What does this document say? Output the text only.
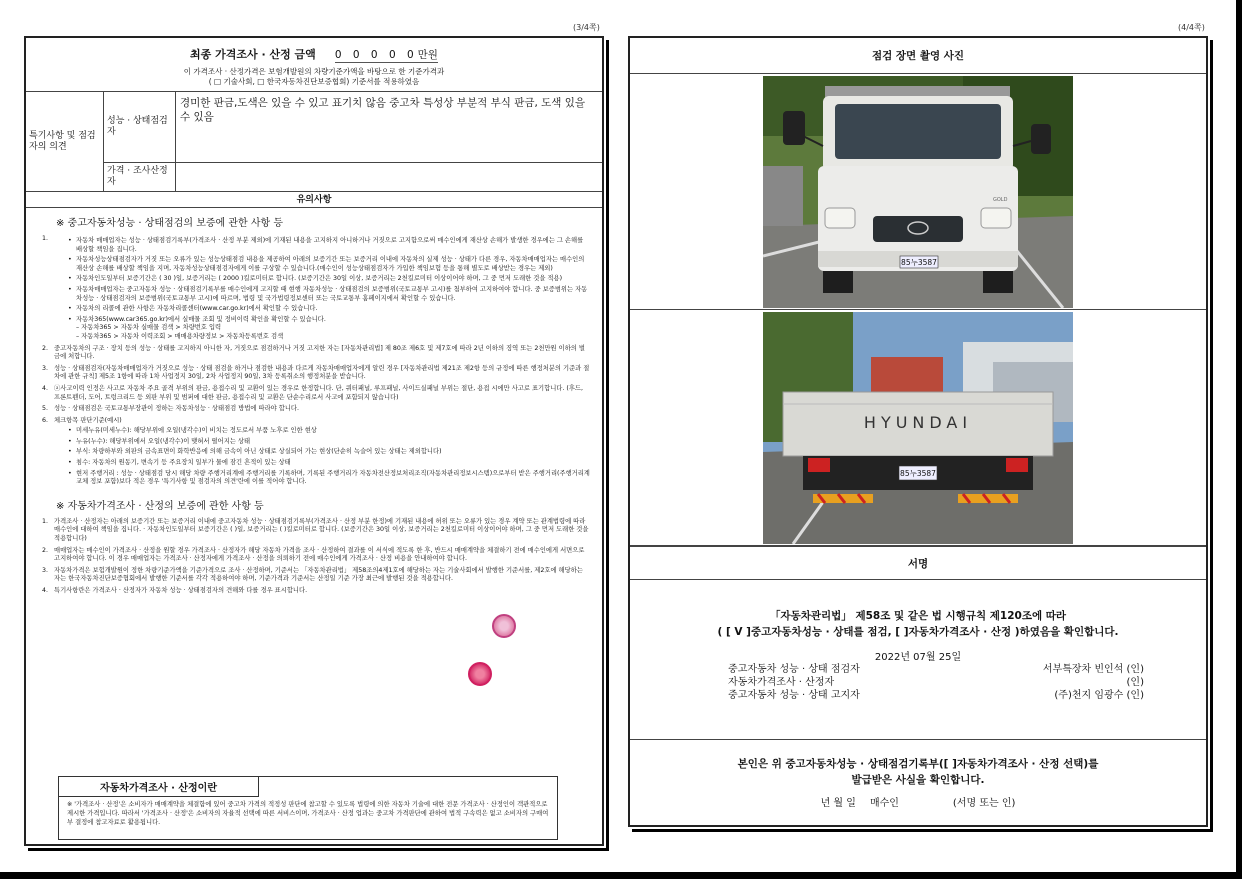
(3/4쪽)
최종 가격조사 · 산정 금액 0 0 0 0 0만원
이 가격조사 · 산정가격은 보험개발원의 차량기준가액을 바탕으로 한 기준가격과
( □ 기술사회, □ 한국자동차진단보증협회) 기준서를 적용하였음
특기사항 및 점검자의 의견
성능 · 상태점검자
경미한 판금,도색은 있을 수 있고 표기치 않음 중고차 특성상 부분적 부식 판금, 도색 있을 수 있음
가격 · 조사산정자
유의사항
※ 중고자동차성능 · 상태점검의 보증에 관한 사항 등
1.
•	자동차 매매업자는 성능 · 상태점검기록부(가격조사 · 산정 부분 제외)에 기재된 내용을 고지하지 아니하거나 거짓으로 고지함으로써 매수인에게 재산상 손해가 발생한 경우에는 그 손해를 배상할 책임을 집니다.
• 자동차성능상태점검자가 거짓 또는 오류가 있는 성능상태점검 내용을 제공하여 아래의 보증기간 또는 보증거리 이내에 자동차의 실제 성능 · 상태가 다른 경우, 자동차매매업자는 매수인의 재산상 손해를 배상할 책임을 지며, 자동차성능상태점검자에게 이를 구상할 수 있습니다.(매수인이 성능상태점검자가 가입한 책임보험 등을 통해 별도로 배상받는 경우는 제외)
• 자동차인도일부터 보증기간은 ( 30 )일, 보증거리는 ( 2000 )킬로미터로 합니다. (보증기간은 30일 이상, 보증거리는 2천킬로미터 이상이어야 하며, 그 중 먼저 도래한 것을 적용)
• 자동차매매업자는 중고자동차 성능 · 상태점검기록부를 매수인에게 고지할 때 현행 자동차성능 · 상태점검의 보증범위(국토교통부 고시)를 첨부하여 고지하여야 합니다. 중 보증범위는 자동차성능 · 상태점검자의 보증범위(국토교통부 고시)에 따르며, 법령 및 국가법령정보센터 또는 국토교통부 홈페이지에서 확인할 수 있습니다.
• 자동차의 리콜에 관한 사항은 자동차리콜센터(www.car.go.kr)에서 확인할 수 있습니다.
• 자동차365(www.car365.go.kr)에서 실매물 조회 및 정비이력 확인을 확인할 수 있습니다.
– 자동차365 > 자동차 실매물 검색 > 차량번호 입력
– 자동차365 > 자동차 이력조회 > 매매용차량정보 > 자동차등록번호 검색
2. 중고자동차의 구조 · 장치 등의 성능 · 상태를 고지하지 아니한 자, 거짓으로 점검하거나 거짓 고지한 자는 [자동차관리법] 제 80조 제6호 및 제7호에 따라 2년 이하의 징역 또는 2천만원 이하의 벌금에 처합니다.
3. 성능 · 상태점검자(자동차매매업자가 거짓으로 성능 · 상태 점검을 하거나 점검한 내용과 다르게 자동차매매업자에게 알린 경우 [자동차관리법 제21조 제2항 등의 규정에 따른 행정처분의 기준과 절차에 관한 규칙] 제5조 1항에 따라 1차 사업정지 30일, 2차 사업정지 90일, 3차 등록취소의 행정처분을 받습니다.
4. ⓐ사고이력 인정은 사고로 자동차 주요 골격 부위의 판금, 용접수리 및 교환이 있는 경우로 한정합니다. 단, 쿼터패널, 루프패널, 사이드실패널 부위는 절단, 용접 시에만 사고로 표기합니다. (후드, 프론트펜더, 도어, 트렁크리드 등 외판 부위 및 범퍼에 대한 판금, 용접수리 및 교환은 단순수리로서 사고에 포함되지 않습니다)
5. 성능 · 상태점검은 국토교통부장관이 정하는 자동차성능 · 상태점검 방법에 따라야 합니다.
6. 체크항목 판단기준(예시)
• 미세누유(미세누수): 해당부위에 오일(냉각수)이 비치는 정도로서 부품 노후로 인한 현상
• 누유(누수): 해당부위에서 오일(냉각수)이 맺혀서 떨어지는 상태
• 부식: 차량하부와 외판의 금속표면이 화학반응에 의해 금속이 아닌 상태로 상실되어 가는 현상(단순히 녹슬어 있는 상태는 제외합니다)
• 침수: 자동차의 원동기, 변속기 등 주요장치 일부가 물에 잠긴 흔적이 있는 상태
• 현저 주행거리 : 성능 · 상태점검 당시 해당 차량 주행거리계에 주행거리를 기록하며, 기록된 주행거리가 자동차전산정보처리조직(자동차관리정보시스템)으로부터 받은 주행거리(주행거리계 교체 정보 포함)보다 적은 경우 '특기사항 및 점검자의 의견'란에 이를 적어야 합니다.
※ 자동차가격조사 · 산정의 보증에 관한 사항 등
1. 가격조사 · 산정자는 아래의 보증기간 또는 보증거리 이내에 중고자동차 성능 · 상태점검기록부(가격조사 · 산정 부분 한정)에 기재된 내용에 허위 또는 오류가 있는 경우 계약 또는 관계법령에 따라 매수인에 대하여 책임을 집니다. · 자동차인도일부터 보증기간은 ( )일, 보증거리는 ( )킬로미터로 합니다. (보증기간은 30일 이상, 보증거리는 2천킬로미터 이상이어야 하며, 그 중 먼저 도래한 것을 적용합니다)
2. 매매업자는 매수인이 가격조사 · 산정을 원할 경우 가격조사 · 산정자가 해당 자동차 가격을 조사 · 산정하여 결과를 이 서식에 적도록 한 후, 반드시 매매계약을 체결하기 전에 매수인에게 서면으로 고지하여야 합니다. 이 경우 매매업자는 가격조사 · 산정자에게 가격조사 · 산정을 의뢰하기 전에 매수인에게 가격조사 · 산정 비용을 안내하여야 합니다.
3. 자동차가격은 보험개발원이 정한 차량기준가액을 기준가격으로 조사 · 산정하며, 기준서는 「자동차관리법」 제58조의4제1호에 해당하는 자는 기술사회에서 발행한 기준서를, 제2호에 해당하는 자는 한국자동차진단보증협회에서 발행한 기준서를 각각 적용하여야 하며, 기준가격과 기준서는 산정일 기준 가장 최근에 발행된 것을 적용합니다.
4. 특기사항란은 가격조사 · 산정자가 자동차 성능 · 상태점검자의 견해와 다를 경우 표시합니다.
자동차가격조사 · 산정이란
※ '가격조사 · 산정'은 소비자가 매매계약을 체결함에 있어 중고차 가격의 적정성 판단에 참고할 수 있도록 법령에 의한 자동차 기술에 대한 전문 가격조사 · 산정인이 객관적으로 제시한 가격입니다. 따라서 '가격조사 · 산정'은 소비자의 자율적 선택에 따른 서비스이며, 가격조사 · 산정 업과는 중고차 가격판단에 관하여 법적 구속력은 없고 소비자의 구매여부 결정에 참고자료로 활용됩니다.
(4/4쪽)
점검 장면 촬영 사진
85누3587
GOLD
HYUNDAI
85누3587
서명
「자동차관리법」 제58조 및 같은 법 시행규칙 제120조에 따라
( [ V ]중고자동차성능 · 상태를 점검, [ ]자동차가격조사 · 산정 )하였음을 확인합니다.
2022년 07월 25일
중고자동차 성능 · 상태 점검자	서부특장차 빈인석
(인)
자동차가격조사 · 산정자
	(인)
중고자동차 성능 · 상태 고지자	(주)천지 임광수
(인)
본인은 위 중고자동차성능 · 상태점검기록부([ ]자동차가격조사 · 산정 선택)를
발급받은 사실을 확인합니다.
년 월 일 매수인	(서명 또는 인)
